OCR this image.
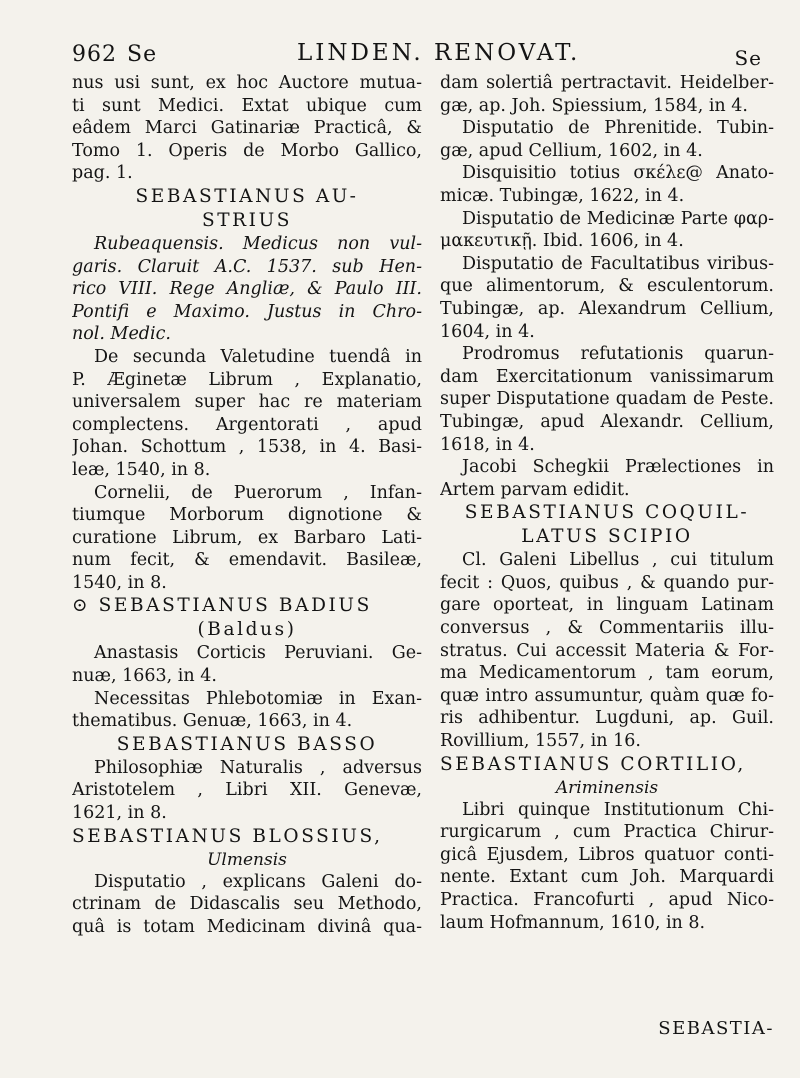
962 Se	LINDEN. RENOVAT.	Se
nus usi sunt, ex hoc Auctore mutua-
ti sunt Medici. Extat ubique cum
eâdem Marci Gatinariæ Practicâ, &
Tomo 1. Operis de Morbo Gallico,
pag. 1.
SEBASTIANUS AU-
STRIUS
Rubeaquensis. Medicus non vul-
garis. Claruit A.C. 1537. sub Hen-
rico VIII. Rege Angliæ, & Paulo III.
Pontifi e Maximo. Justus in Chro-
nol. Medic.
De secunda Valetudine tuendâ in
P. Æginetæ Librum , Explanatio,
universalem super hac re materiam
complectens. Argentorati , apud
Johan. Schottum , 1538, in 4. Basi-
leæ, 1540, in 8.
Cornelii, de Puerorum , Infan-
tiumque Morborum dignotione &
curatione Librum, ex Barbaro Lati-
num fecit, & emendavit. Basileæ,
1540, in 8.
⊙ SEBASTIANUS BADIUS
(Baldus)
Anastasis Corticis Peruviani. Ge-
nuæ, 1663, in 4.
Necessitas Phlebotomiæ in Exan-
thematibus. Genuæ, 1663, in 4.
SEBASTIANUS BASSO
Philosophiæ Naturalis , adversus
Aristotelem , Libri XII. Genevæ,
1621, in 8.
SEBASTIANUS BLOSSIUS,
Ulmensis
Disputatio , explicans Galeni do-
ctrinam de Didascalis seu Methodo,
quâ is totam Medicinam divinâ qua-
dam solertiâ pertractavit. Heidelber-
gæ, ap. Joh. Spiessium, 1584, in 4.
Disputatio de Phrenitide. Tubin-
gæ, apud Cellium, 1602, in 4.
Disquisitio totius σκέλε@ Anato-
micæ. Tubingæ, 1622, in 4.
Disputatio de Medicinæ Parte φαρ-
μακευτικῇ. Ibid. 1606, in 4.
Disputatio de Facultatibus viribus-
que alimentorum, & esculentorum.
Tubingæ, ap. Alexandrum Cellium,
1604, in 4.
Prodromus refutationis quarun-
dam Exercitationum vanissimarum
super Disputatione quadam de Peste.
Tubingæ, apud Alexandr. Cellium,
1618, in 4.
Jacobi Schegkii Prælectiones in
Artem parvam edidit.
SEBASTIANUS COQUIL-
LATUS SCIPIO
Cl. Galeni Libellus , cui titulum
fecit : Quos, quibus , & quando pur-
gare oporteat, in linguam Latinam
conversus , & Commentariis illu-
stratus. Cui accessit Materia & For-
ma Medicamentorum , tam eorum,
quæ intro assumuntur, quàm quæ fo-
ris adhibentur. Lugduni, ap. Guil.
Rovillium, 1557, in 16.
SEBASTIANUS CORTILIO,
Ariminensis
Libri quinque Institutionum Chi-
rurgicarum , cum Practica Chirur-
gicâ Ejusdem, Libros quatuor conti-
nente. Extant cum Joh. Marquardi
Practica. Francofurti , apud Nico-
laum Hofmannum, 1610, in 8.
SEBASTIA-
